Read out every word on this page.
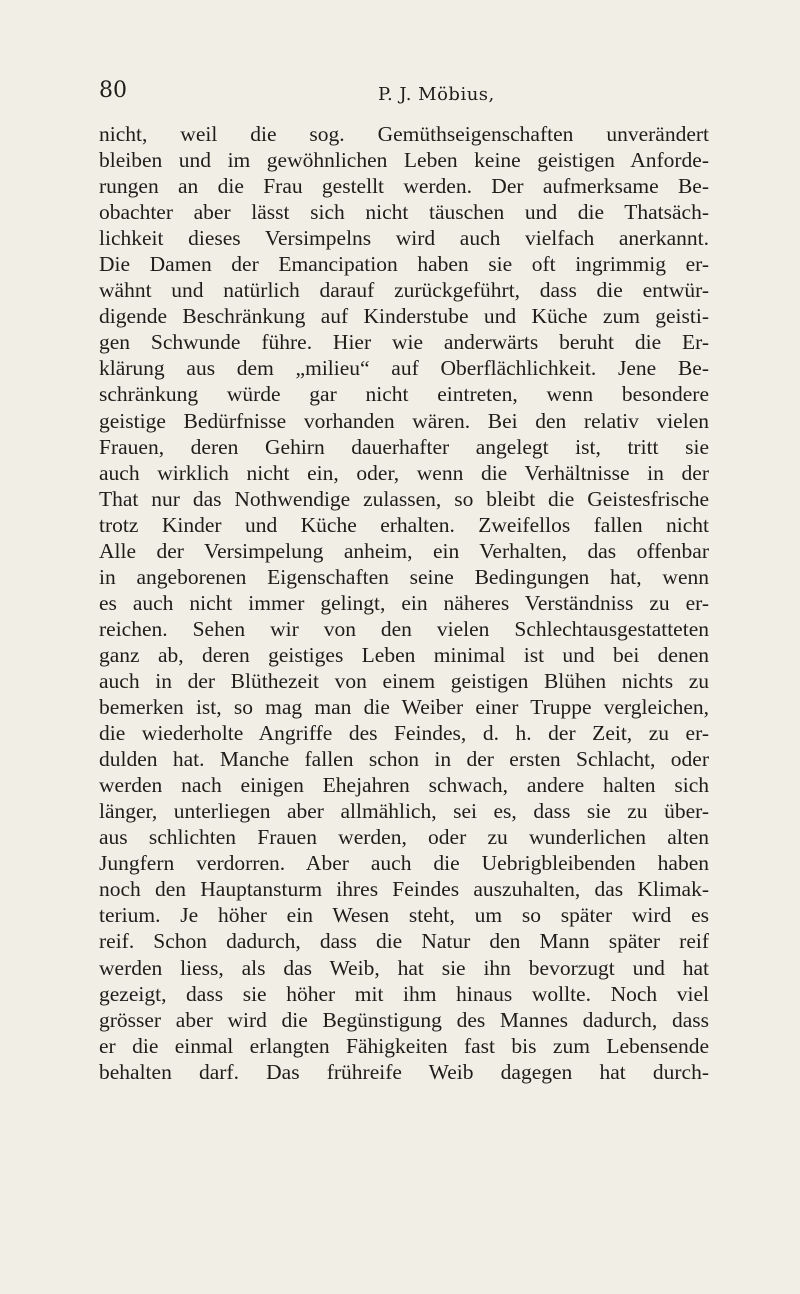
80	P. J. Möbius,
nicht, weil die sog. Gemüthseigenschaften unverändert
bleiben und im gewöhnlichen Leben keine geistigen Anforde-
rungen an die Frau gestellt werden. Der aufmerksame Be-
obachter aber lässt sich nicht täuschen und die Thatsäch-
lichkeit dieses Versimpelns wird auch vielfach anerkannt.
Die Damen der Emancipation haben sie oft ingrimmig er-
wähnt und natürlich darauf zurückgeführt, dass die entwür-
digende Beschränkung auf Kinderstube und Küche zum geisti-
gen Schwunde führe. Hier wie anderwärts beruht die Er-
klärung aus dem „milieu“ auf Oberflächlichkeit. Jene Be-
schränkung würde gar nicht eintreten, wenn besondere
geistige Bedürfnisse vorhanden wären. Bei den relativ vielen
Frauen, deren Gehirn dauerhafter angelegt ist, tritt sie
auch wirklich nicht ein, oder, wenn die Verhältnisse in der
That nur das Nothwendige zulassen, so bleibt die Geistesfrische
trotz Kinder und Küche erhalten. Zweifellos fallen nicht
Alle der Versimpelung anheim, ein Verhalten, das offenbar
in angeborenen Eigenschaften seine Bedingungen hat, wenn
es auch nicht immer gelingt, ein näheres Verständniss zu er-
reichen. Sehen wir von den vielen Schlechtausgestatteten
ganz ab, deren geistiges Leben minimal ist und bei denen
auch in der Blüthezeit von einem geistigen Blühen nichts zu
bemerken ist, so mag man die Weiber einer Truppe vergleichen,
die wiederholte Angriffe des Feindes, d. h. der Zeit, zu er-
dulden hat. Manche fallen schon in der ersten Schlacht, oder
werden nach einigen Ehejahren schwach, andere halten sich
länger, unterliegen aber allmählich, sei es, dass sie zu über-
aus schlichten Frauen werden, oder zu wunderlichen alten
Jungfern verdorren. Aber auch die Uebrigbleibenden haben
noch den Hauptansturm ihres Feindes auszuhalten, das Klimak-
terium. Je höher ein Wesen steht, um so später wird es
reif. Schon dadurch, dass die Natur den Mann später reif
werden liess, als das Weib, hat sie ihn bevorzugt und hat
gezeigt, dass sie höher mit ihm hinaus wollte. Noch viel
grösser aber wird die Begünstigung des Mannes dadurch, dass
er die einmal erlangten Fähigkeiten fast bis zum Lebensende
behalten darf. Das frühreife Weib dagegen hat durch-
